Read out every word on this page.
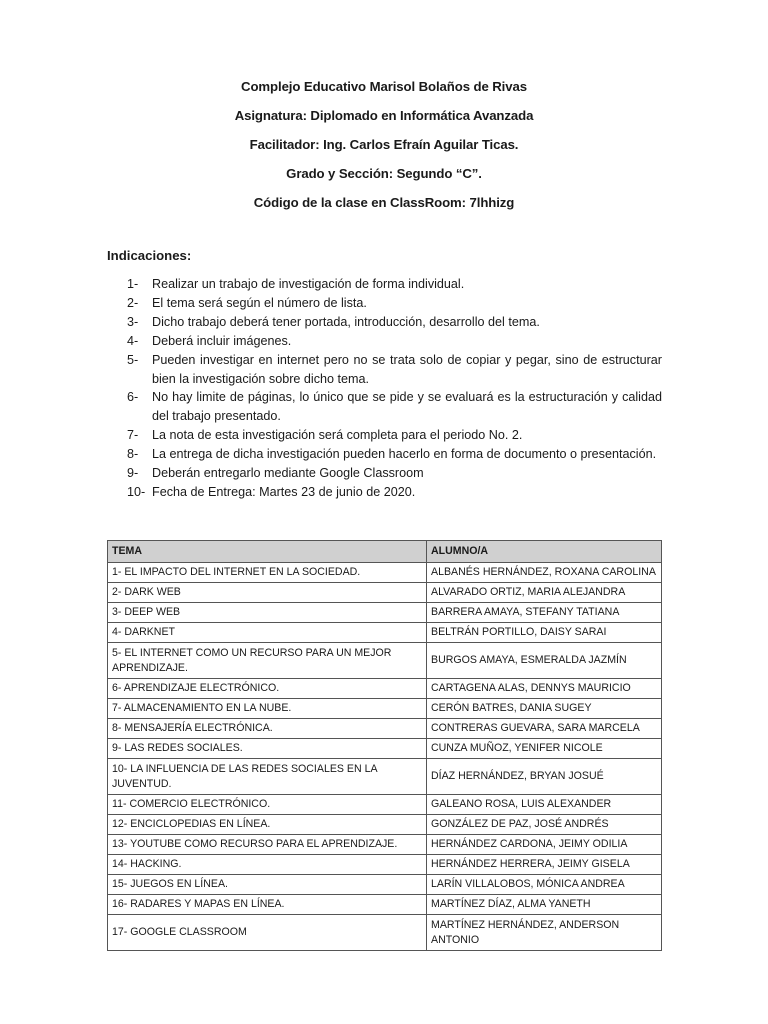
Complejo Educativo Marisol Bolaños de Rivas
Asignatura: Diplomado en Informática Avanzada
Facilitador: Ing. Carlos Efraín Aguilar Ticas.
Grado y Sección: Segundo “C”.
Código de la clase en ClassRoom: 7lhhizg
Indicaciones:
1- Realizar un trabajo de investigación de forma individual.
2- El tema será según el número de lista.
3- Dicho trabajo deberá tener portada, introducción, desarrollo del tema.
4- Deberá incluir imágenes.
5- Pueden investigar en internet pero no se trata solo de copiar y pegar, sino de estructurar bien la investigación sobre dicho tema.
6- No hay limite de páginas, lo único que se pide y se evaluará es la estructuración y calidad del trabajo presentado.
7- La nota de esta investigación será completa para el periodo No. 2.
8- La entrega de dicha investigación pueden hacerlo en forma de documento o presentación.
9- Deberán entregarlo mediante Google Classroom
10- Fecha de Entrega: Martes 23 de junio de 2020.
TEMA	ALUMNO/A
1- EL IMPACTO DEL INTERNET EN LA SOCIEDAD.	ALBANÉS HERNÁNDEZ, ROXANA CAROLINA
2- DARK WEB	ALVARADO ORTIZ, MARIA ALEJANDRA
3- DEEP WEB	BARRERA AMAYA, STEFANY TATIANA
4- DARKNET	BELTRÁN PORTILLO, DAISY SARAI
5- EL INTERNET COMO UN RECURSO PARA UN MEJOR APRENDIZAJE.	BURGOS AMAYA, ESMERALDA JAZMÍN
6- APRENDIZAJE ELECTRÓNICO.	CARTAGENA ALAS, DENNYS MAURICIO
7- ALMACENAMIENTO EN LA NUBE.	CERÓN BATRES, DANIA SUGEY
8- MENSAJERÍA ELECTRÓNICA.	CONTRERAS GUEVARA, SARA MARCELA
9- LAS REDES SOCIALES.	CUNZA MUÑOZ, YENIFER NICOLE
10- LA INFLUENCIA DE LAS REDES SOCIALES EN LA JUVENTUD.	DÍAZ HERNÁNDEZ, BRYAN JOSUÉ
11- COMERCIO ELECTRÓNICO.	GALEANO ROSA, LUIS ALEXANDER
12- ENCICLOPEDIAS EN LÍNEA.	GONZÁLEZ DE PAZ, JOSÉ ANDRÉS
13- YOUTUBE COMO RECURSO PARA EL APRENDIZAJE.	HERNÁNDEZ CARDONA, JEIMY ODILIA
14- HACKING.	HERNÁNDEZ HERRERA, JEIMY GISELA
15- JUEGOS EN LÍNEA.	LARÍN VILLALOBOS, MÓNICA ANDREA
16- RADARES Y MAPAS EN LÍNEA.	MARTÍNEZ DÍAZ, ALMA YANETH
17- GOOGLE CLASSROOM	MARTÍNEZ HERNÁNDEZ, ANDERSON ANTONIO
